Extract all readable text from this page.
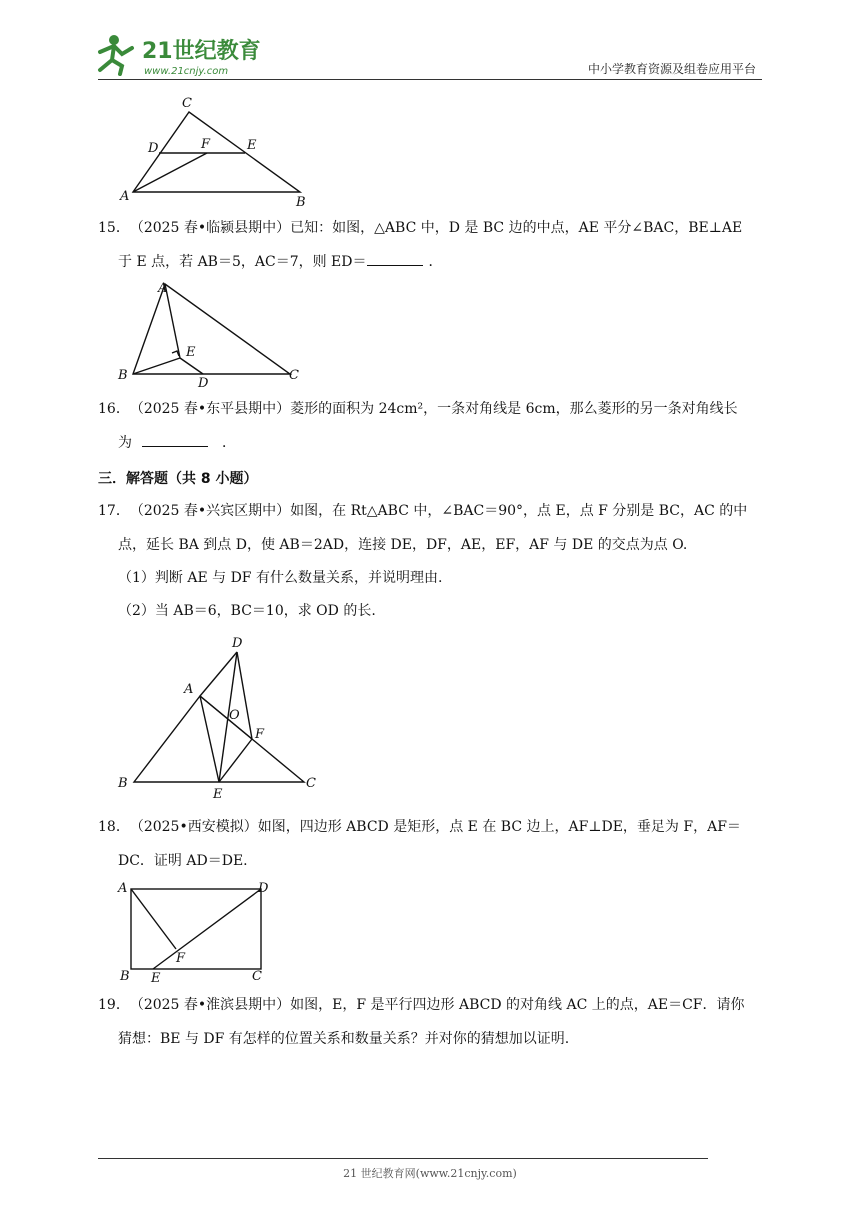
21世纪教育
www.21cnjy.com	中小学教育资源及组卷应用平台
C
D	F	E
A	B
15．（2025 春•临颍县期中）已知：如图，△ABC 中，D 是 BC 边的中点，AE 平分∠BAC，BE⊥AE
于 E 点，若 AB＝5，AC＝7，则 ED＝	．
A
E
B
D
C
16．（2025 春•东平县期中）菱形的面积为 24cm²，一条对角线是 6cm，那么菱形的另一条对角线长
为	．
三．解答题（共 8 小题）
17．（2025 春•兴宾区期中）如图，在 Rt△ABC 中，∠BAC＝90°，点 E，点 F 分别是 BC，AC 的中
点，延长 BA 到点 D，使 AB＝2AD，连接 DE，DF，AE，EF，AF 与 DE 的交点为点 O.
（1）判断 AE 与 DF 有什么数量关系，并说明理由.
（2）当 AB＝6，BC＝10，求 OD 的长.
D
A
O
F
B
E
C
18．（2025•西安模拟）如图，四边形 ABCD 是矩形，点 E 在 BC 边上，AF⊥DE，垂足为 F，AF＝
DC．证明 AD＝DE.
A	D
F
B E	C
19．（2025 春•淮滨县期中）如图，E，F 是平行四边形 ABCD 的对角线 AC 上的点，AE＝CF．请你
猜想：BE 与 DF 有怎样的位置关系和数量关系？并对你的猜想加以证明.
21 世纪教育网(www.21cnjy.com)
